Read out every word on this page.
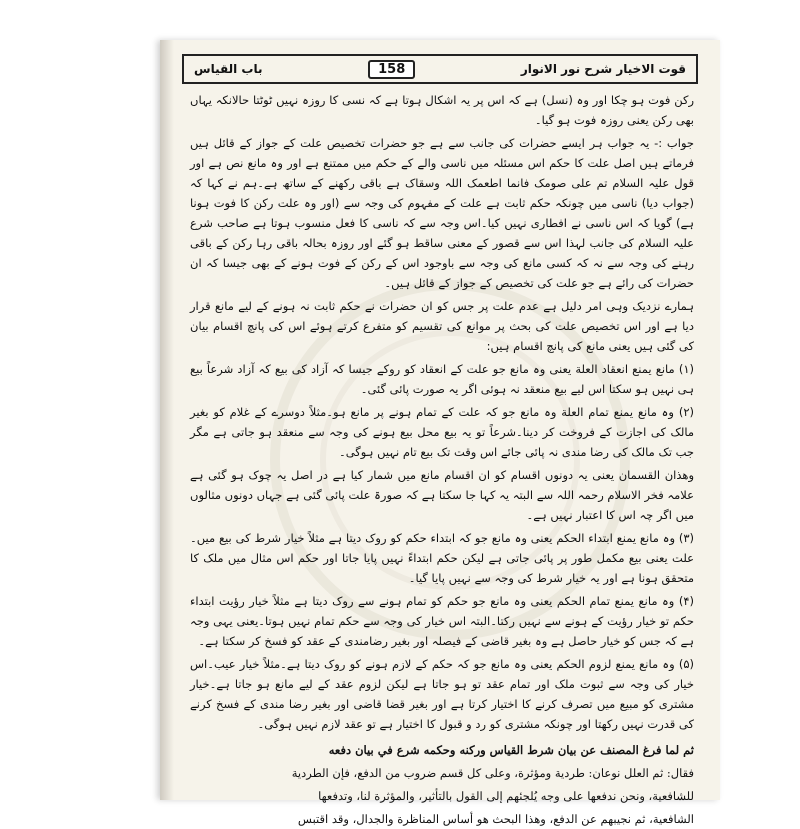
قوت الاخیار شرح نور الانوار
158
باب القیاس

رکن فوت ہو چکا اور وہ (نسل) ہے کہ اس پر یہ اشکال ہوتا ہے کہ نسی کا روزہ نہیں ٹوٹتا حالانکہ یہاں بھی رکن یعنی روزہ فوت ہو گیا۔

جواب :- یہ جواب ہر ایسے حضرات کی جانب سے ہے جو حضرات تخصیص علت کے جواز کے قائل ہیں فرماتے ہیں اصل علت کا حکم اس مسئلہ میں ناسی والے کے حکم میں ممتنع ہے اور وہ مانع نص ہے اور قول علیہ السلام تم علی صومک فانما اطعمک اللہ وسقاک ہے باقی رکھنے کے ساتھ ہے۔ہم نے کہا کہ (جواب دیا) ناسی میں چونکہ حکم ثابت ہے علت کے مفہوم کی وجہ سے (اور وہ علت رکن کا فوت ہونا ہے) گویا کہ اس ناسی نے افطاری نہیں کیا۔اس وجہ سے کہ ناسی کا فعل منسوب ہوتا ہے صاحب شرع علیہ السلام کی جانب لہذا اس سے قصور کے معنی ساقط ہو گئے اور روزہ بحالہ باقی رہا رکن کے باقی رہنے کی وجہ سے نہ کہ کسی مانع کی وجہ سے باوجود اس کے رکن کے فوت ہونے کے بھی جیسا کہ ان حضرات کی رائے ہے جو علت کی تخصیص کے جواز کے قائل ہیں۔

ہمارے نزدیک وہی امر دلیل ہے عدم علت پر جس کو ان حضرات نے حکم ثابت نہ ہونے کے لیے مانع قرار دیا ہے اور اس تخصیص علت کی بحث پر موانع کی تقسیم کو متفرع کرتے ہوئے اس کی پانچ اقسام بیان کی گئی ہیں یعنی مانع کی پانچ اقسام ہیں:

(۱) مانع یمنع انعقاد العلة یعنی وہ مانع جو علت کے انعقاد کو روکے جیسا کہ آزاد کی بیع کہ آزاد شرعاً بیع ہی نہیں ہو سکتا اس لیے بیع منعقد نہ ہوئی اگر یہ صورت پائی گئی۔

(۲) وہ مانع یمنع تمام العلة وہ مانع جو کہ علت کے تمام ہونے پر مانع ہو۔مثلاً دوسرے کے غلام کو بغیر مالک کی اجازت کے فروخت کر دینا۔شرعاً تو یہ بیع محل بیع ہونے کی وجہ سے منعقد ہو جاتی ہے مگر جب تک مالک کی رضا مندی نہ پائی جائے اس وقت تک بیع تام نہیں ہوگی۔

وھذان القسمان یعنی یہ دونوں اقسام کو ان اقسام مانع میں شمار کیا ہے در اصل یہ چوک ہو گئی ہے علامہ فخر الاسلام رحمہ اللہ سے البتہ یہ کہا جا سکتا ہے کہ صورۃ علت پائی گئی ہے جہاں دونوں مثالوں میں اگر چہ اس کا اعتبار نہیں ہے۔

(۳) وہ مانع یمنع ابتداء الحکم یعنی وہ مانع جو کہ ابتداء حکم کو روک دیتا ہے مثلاً خیار شرط کی بیع میں۔علت یعنی بیع مکمل طور پر پائی جاتی ہے لیکن حکم ابتداءً نہیں پایا جاتا اور حکم اس مثال میں ملک کا متحقق ہونا ہے اور یہ خیار شرط کی وجہ سے نہیں پایا گیا۔

(۴) وہ مانع یمنع تمام الحکم یعنی وہ مانع جو حکم کو تمام ہونے سے روک دیتا ہے مثلاً خیار رؤیت ابتداء حکم تو خیار رؤیت کے ہونے سے نہیں رکتا۔البتہ اس خیار کی وجہ سے حکم تمام نہیں ہوتا۔یعنی یہی وجہ ہے کہ جس کو خیار حاصل ہے وہ بغیر قاضی کے فیصلہ اور بغیر رضامندی کے عقد کو فسخ کر سکتا ہے۔

(۵) وہ مانع یمنع لزوم الحکم یعنی وہ مانع جو کہ حکم کے لازم ہونے کو روک دیتا ہے۔مثلاً خیار عیب۔اس خیار کی وجہ سے ثبوت ملک اور تمام عقد تو ہو جاتا ہے لیکن لزوم عقد کے لیے مانع ہو جاتا ہے۔خیار مشتری کو مبیع میں تصرف کرنے کا اختیار کرتا ہے اور بغیر قضا قاضی اور بغیر رضا مندی کے فسخ کرنے کی قدرت نہیں رکھتا اور چونکہ مشتری کو رد و قبول کا اختیار ہے تو عقد لازم نہیں ہوگی۔

ثم لما فرغ المصنف عن بيان شرط القياس وركنه وحكمه شرع في بيان دفعه

فقال: ثم العلل نوعان: طردية ومؤثرة، وعلى كل قسم ضروب من الدفع، فإن الطردية

للشافعية، ونحن ندفعها على وجه يُلجئهم إلى القول بالتأثير، والمؤثرة لنا، وتدفعها

الشافعية، ثم نجيبهم عن الدفع، وهذا البحث هو أساس المناظرة والجدال، وقد اقتبس
